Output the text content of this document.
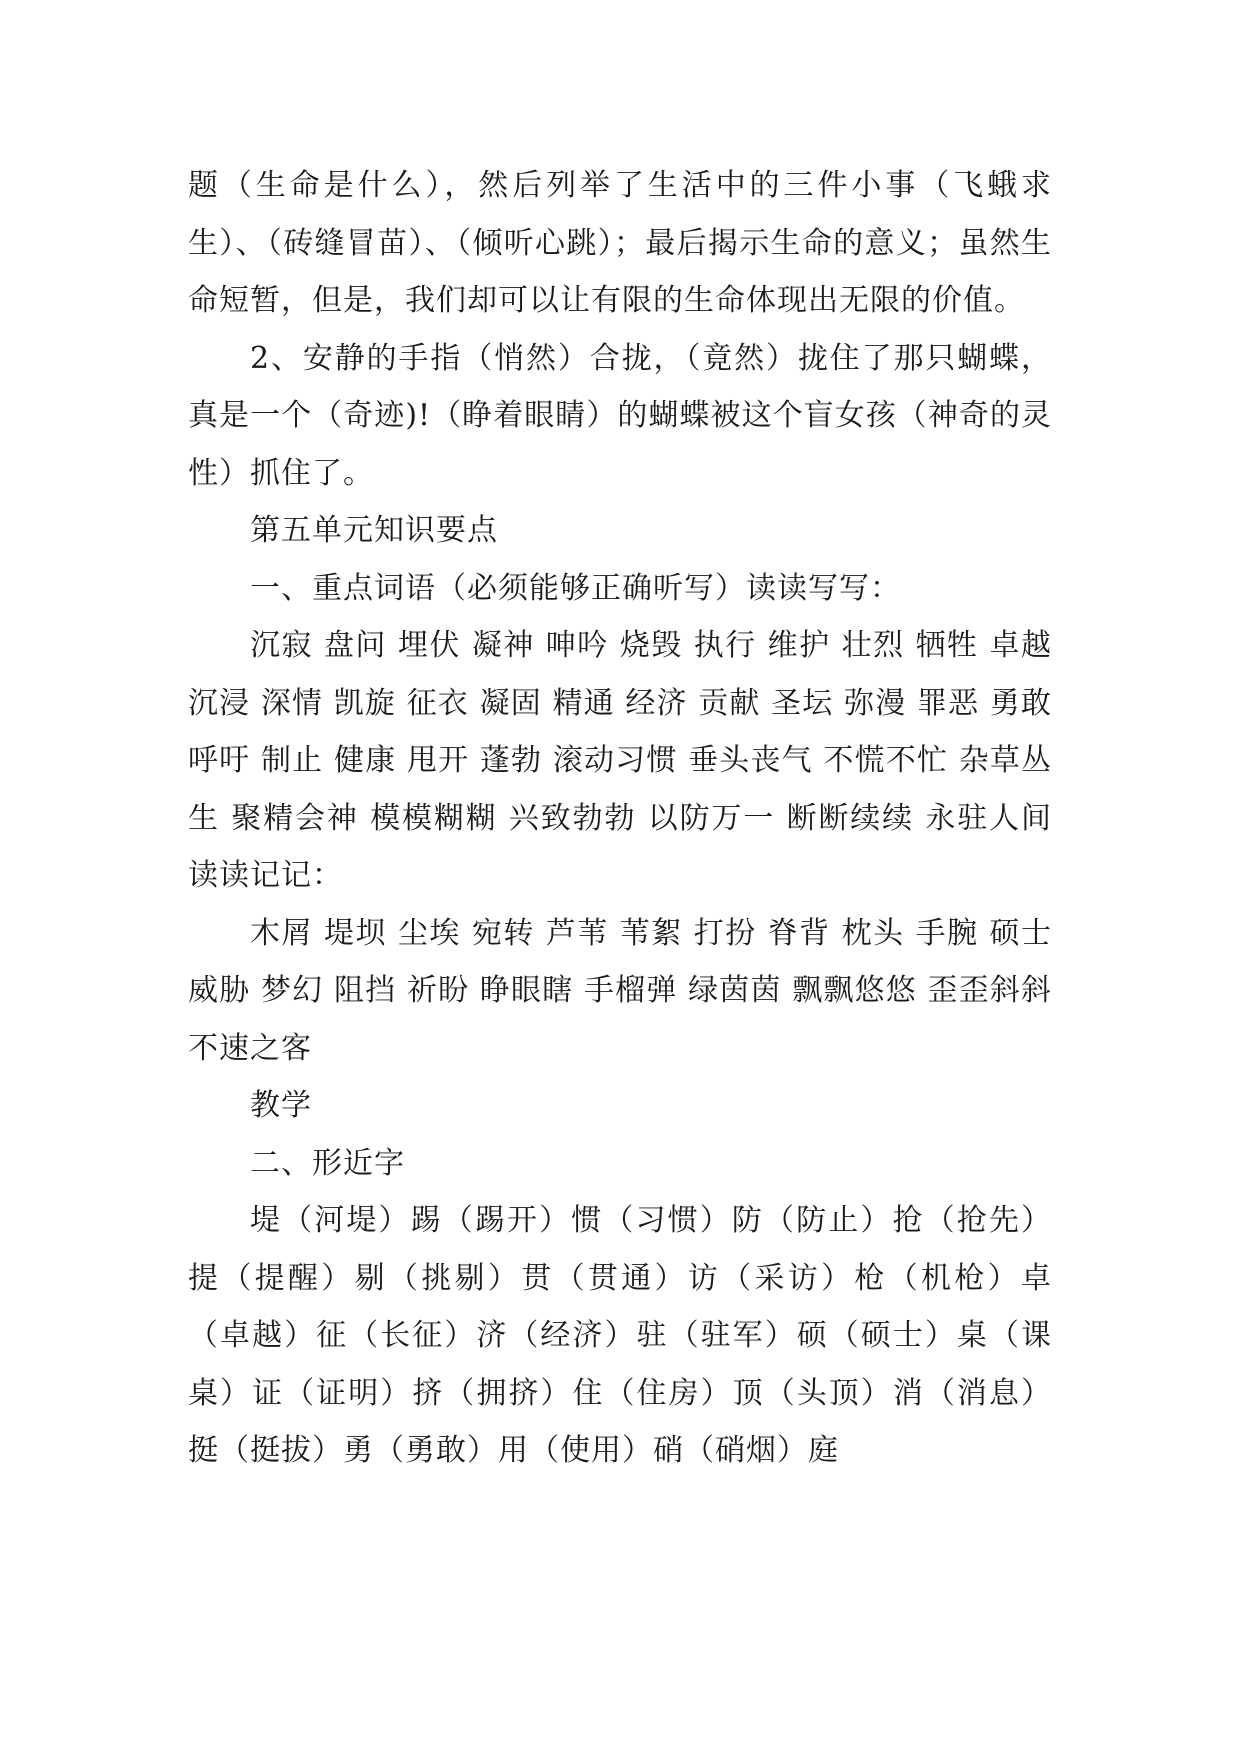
题（生命是什么），然后列举了生活中的三件小事（飞蛾求生）、（砖缝冒苗）、（倾听心跳）；最后揭示生命的意义；虽然生命短暂，但是，我们却可以让有限的生命体现出无限的价值。

2、安静的手指（悄然）合拢，（竟然）拢住了那只蝴蝶，真是一个（奇迹)!（睁着眼睛）的蝴蝶被这个盲女孩（神奇的灵性）抓住了。

第五单元知识要点

一、重点词语（必须能够正确听写）读读写写：

沉寂 盘问 埋伏 凝神 呻吟 烧毁 执行 维护 壮烈 牺牲 卓越 沉浸 深情 凯旋 征衣 凝固 精通 经济 贡献 圣坛 弥漫 罪恶 勇敢 呼吁 制止 健康 甩开 蓬勃 滚动习惯 垂头丧气 不慌不忙 杂草丛生 聚精会神 模模糊糊 兴致勃勃 以防万一 断断续续 永驻人间 读读记记：

木屑 堤坝 尘埃 宛转 芦苇 苇絮 打扮 脊背 枕头 手腕 硕士 威胁 梦幻 阻挡 祈盼 睁眼瞎 手榴弹 绿茵茵 飘飘悠悠 歪歪斜斜 不速之客

教学

二、形近字

堤（河堤）踢（踢开）惯（习惯）防（防止）抢（抢先）提（提醒）剔（挑剔）贯（贯通）访（采访）枪（机枪）卓（卓越）征（长征）济（经济）驻（驻军）硕（硕士）桌（课桌）证（证明）挤（拥挤）住（住房）顶（头顶）消（消息）挺（挺拔）勇（勇敢）用（使用）硝（硝烟）庭
